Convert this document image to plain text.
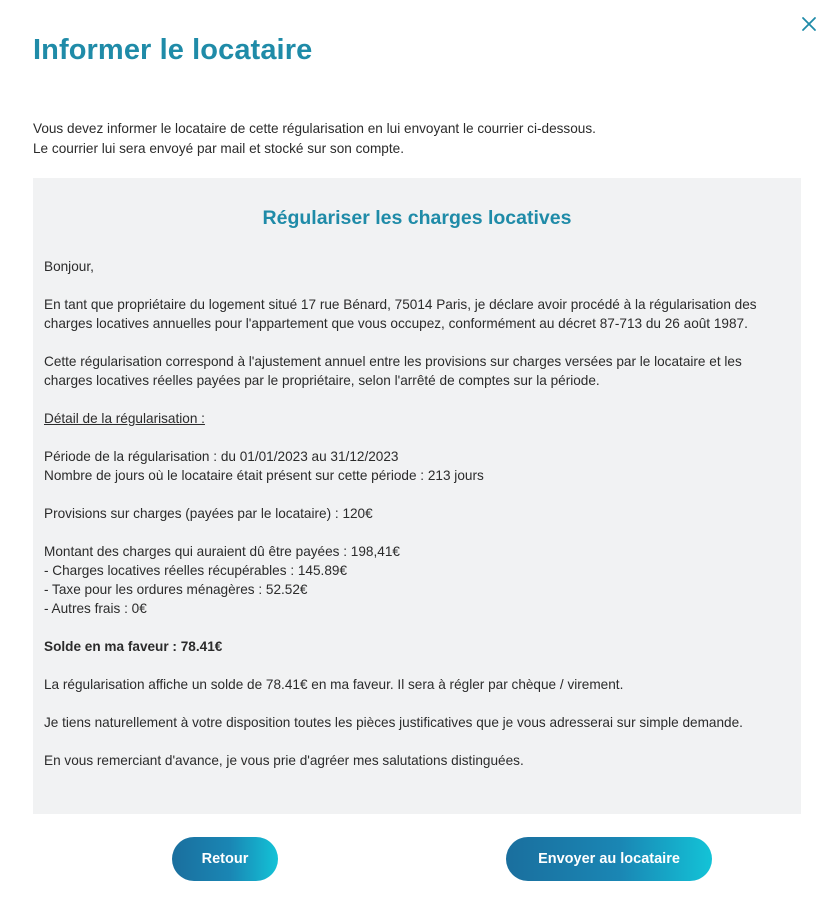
Informer le locataire

Vous devez informer le locataire de cette régularisation en lui envoyant le courrier ci-dessous.

Le courrier lui sera envoyé par mail et stocké sur son compte.

Régulariser les charges locatives

Bonjour,

En tant que propriétaire du logement situé 17 rue Bénard, 75014 Paris, je déclare avoir procédé à la régularisation des charges locatives annuelles pour l'appartement que vous occupez, conformément au décret 87-713 du 26 août 1987.

Cette régularisation correspond à l'ajustement annuel entre les provisions sur charges versées par le locataire et les charges locatives réelles payées par le propriétaire, selon l'arrêté de comptes sur la période.

Détail de la régularisation :

Période de la régularisation : du 01/01/2023 au 31/12/2023
Nombre de jours où le locataire était présent sur cette période : 213 jours

Provisions sur charges (payées par le locataire) : 120€

Montant des charges qui auraient dû être payées : 198,41€
- Charges locatives réelles récupérables : 145.89€
- Taxe pour les ordures ménagères : 52.52€
- Autres frais : 0€

Solde en ma faveur : 78.41€

La régularisation affiche un solde de 78.41€ en ma faveur. Il sera à régler par chèque / virement.

Je tiens naturellement à votre disposition toutes les pièces justificatives que je vous adresserai sur simple demande.

En vous remerciant d'avance, je vous prie d'agréer mes salutations distinguées.

Retour	Envoyer au locataire
